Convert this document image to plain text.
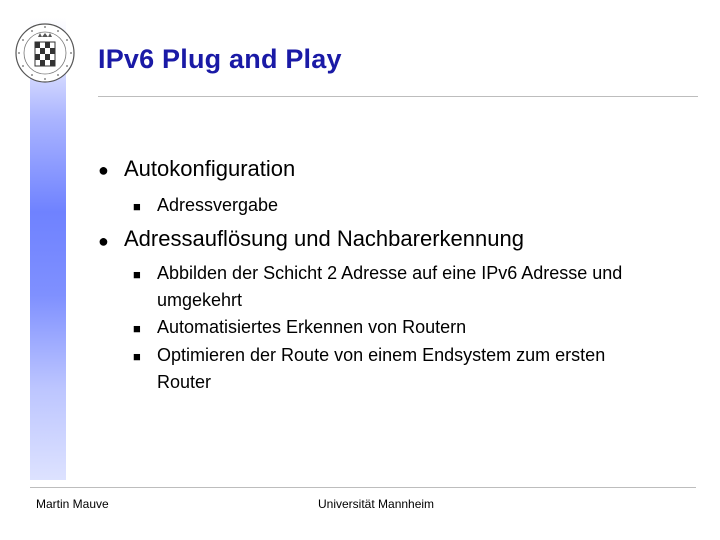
IPv6 Plug and Play
● Autokonfiguration
■ Adressvergabe
● Adressauflösung und Nachbarerkennung
■ Abbilden der Schicht 2 Adresse auf eine IPv6 Adresse und umgekehrt
■ Automatisiertes Erkennen von Routern
■ Optimieren der Route von einem Endsystem zum ersten Router
Martin Mauve	Universität Mannheim
